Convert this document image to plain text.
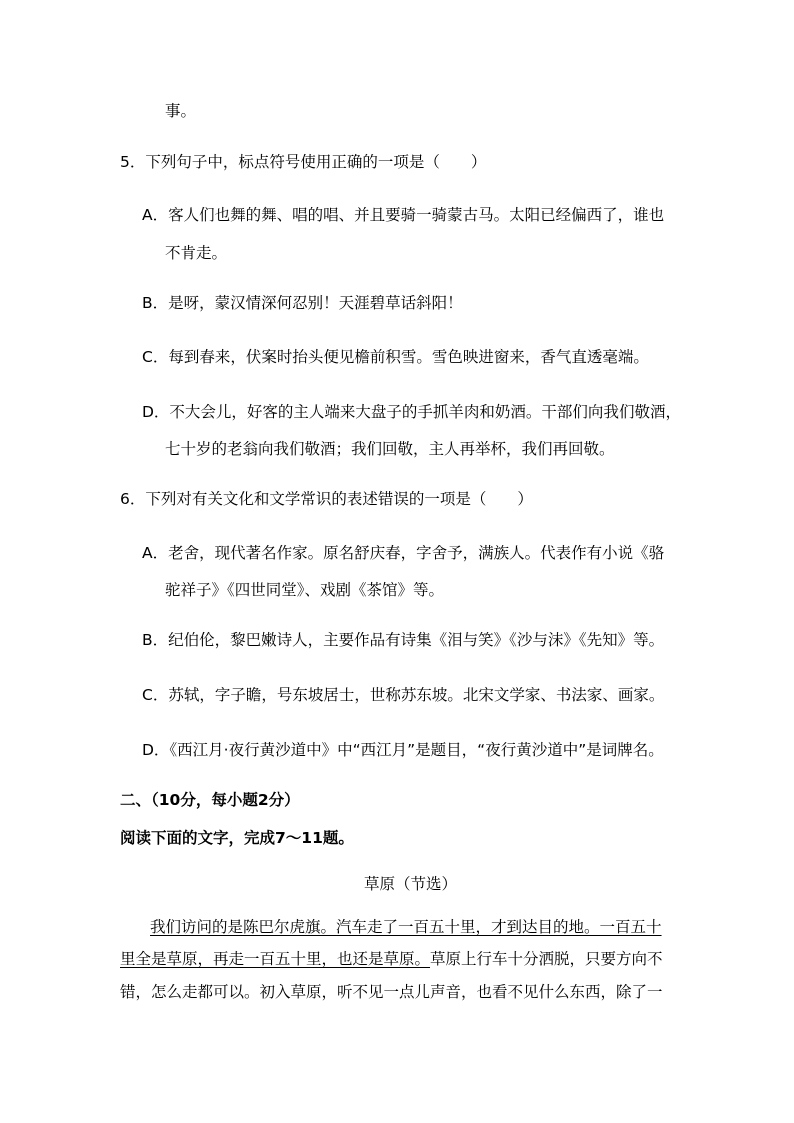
事。
5．下列句子中，标点符号使用正确的一项是（　　）
A．客人们也舞的舞、唱的唱、并且要骑一骑蒙古马。太阳已经偏西了，谁也
不肯走。
B．是呀，蒙汉情深何忍别！天涯碧草话斜阳！
C．每到春来，伏案时抬头便见檐前积雪。雪色映进窗来，香气直透毫端。
D．不大会儿，好客的主人端来大盘子的手抓羊肉和奶酒。干部们向我们敬酒，
七十岁的老翁向我们敬酒；我们回敬，主人再举杯，我们再回敬。
6．下列对有关文化和文学常识的表述错误的一项是（　　）
A．老舍，现代著名作家。原名舒庆春，字舍予，满族人。代表作有小说《骆
驼祥子》《四世同堂》、戏剧《茶馆》等。
B．纪伯伦，黎巴嫩诗人，主要作品有诗集《泪与笑》《沙与沫》《先知》等。
C．苏轼，字子瞻，号东坡居士，世称苏东坡。北宋文学家、书法家、画家。
D．《西江月·夜行黄沙道中》中“西江月”是题目，“夜行黄沙道中”是词牌名。
二、（10分，每小题2分）
阅读下面的文字，完成7～11题。
草原（节选）
我们访问的是陈巴尔虎旗。汽车走了一百五十里，才到达目的地。一百五十
里全是草原，再走一百五十里，也还是草原。草原上行车十分洒脱，只要方向不
错，怎么走都可以。初入草原，听不见一点儿声音，也看不见什么东西，除了一
